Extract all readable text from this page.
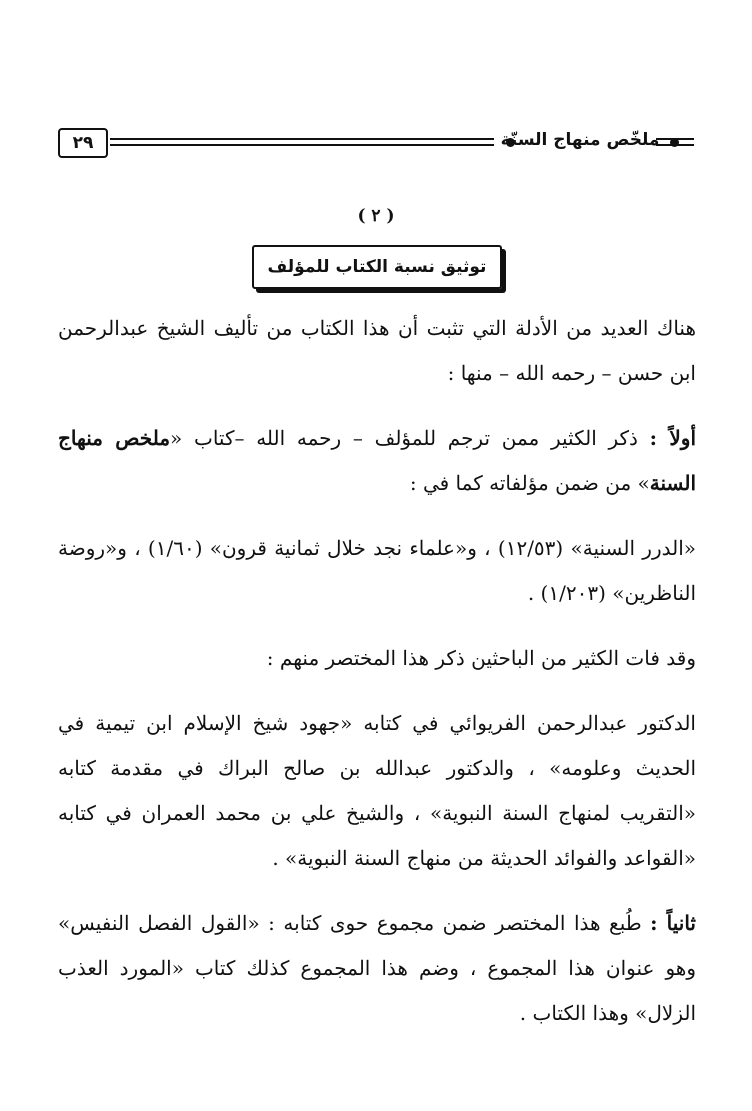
٢٩	ملخّص منهاج السنّة
( ٢ )
توثيق نسبة الكتاب للمؤلف

هناك العديد من الأدلة التي تثبت أن هذا الكتاب من تأليف الشيخ عبدالرحمن ابن حسن – رحمه الله – منها :

أولاً : ذكر الكثير ممن ترجم للمؤلف – رحمه الله –كتاب «ملخص منهاج السنة» من ضمن مؤلفاته كما في :

«الدرر السنية» (١٢/٥٣) ، و«علماء نجد خلال ثمانية قرون» (١/٦٠) ، و«روضة الناظرين» (١/٢٠٣) .

وقد فات الكثير من الباحثين ذكر هذا المختصر منهم :

الدكتور عبدالرحمن الفريوائي في كتابه «جهود شيخ الإسلام ابن تيمية في الحديث وعلومه» ، والدكتور عبدالله بن صالح البراك في مقدمة كتابه «التقريب لمنهاج السنة النبوية» ، والشيخ علي بن محمد العمران في كتابه «القواعد والفوائد الحديثة من منهاج السنة النبوية» .

ثانياً : طُبع هذا المختصر ضمن مجموع حوى كتابه : «القول الفصل النفيس» وهو عنوان هذا المجموع ، وضم هذا المجموع كذلك كتاب «المورد العذب الزلال» وهذا الكتاب .
